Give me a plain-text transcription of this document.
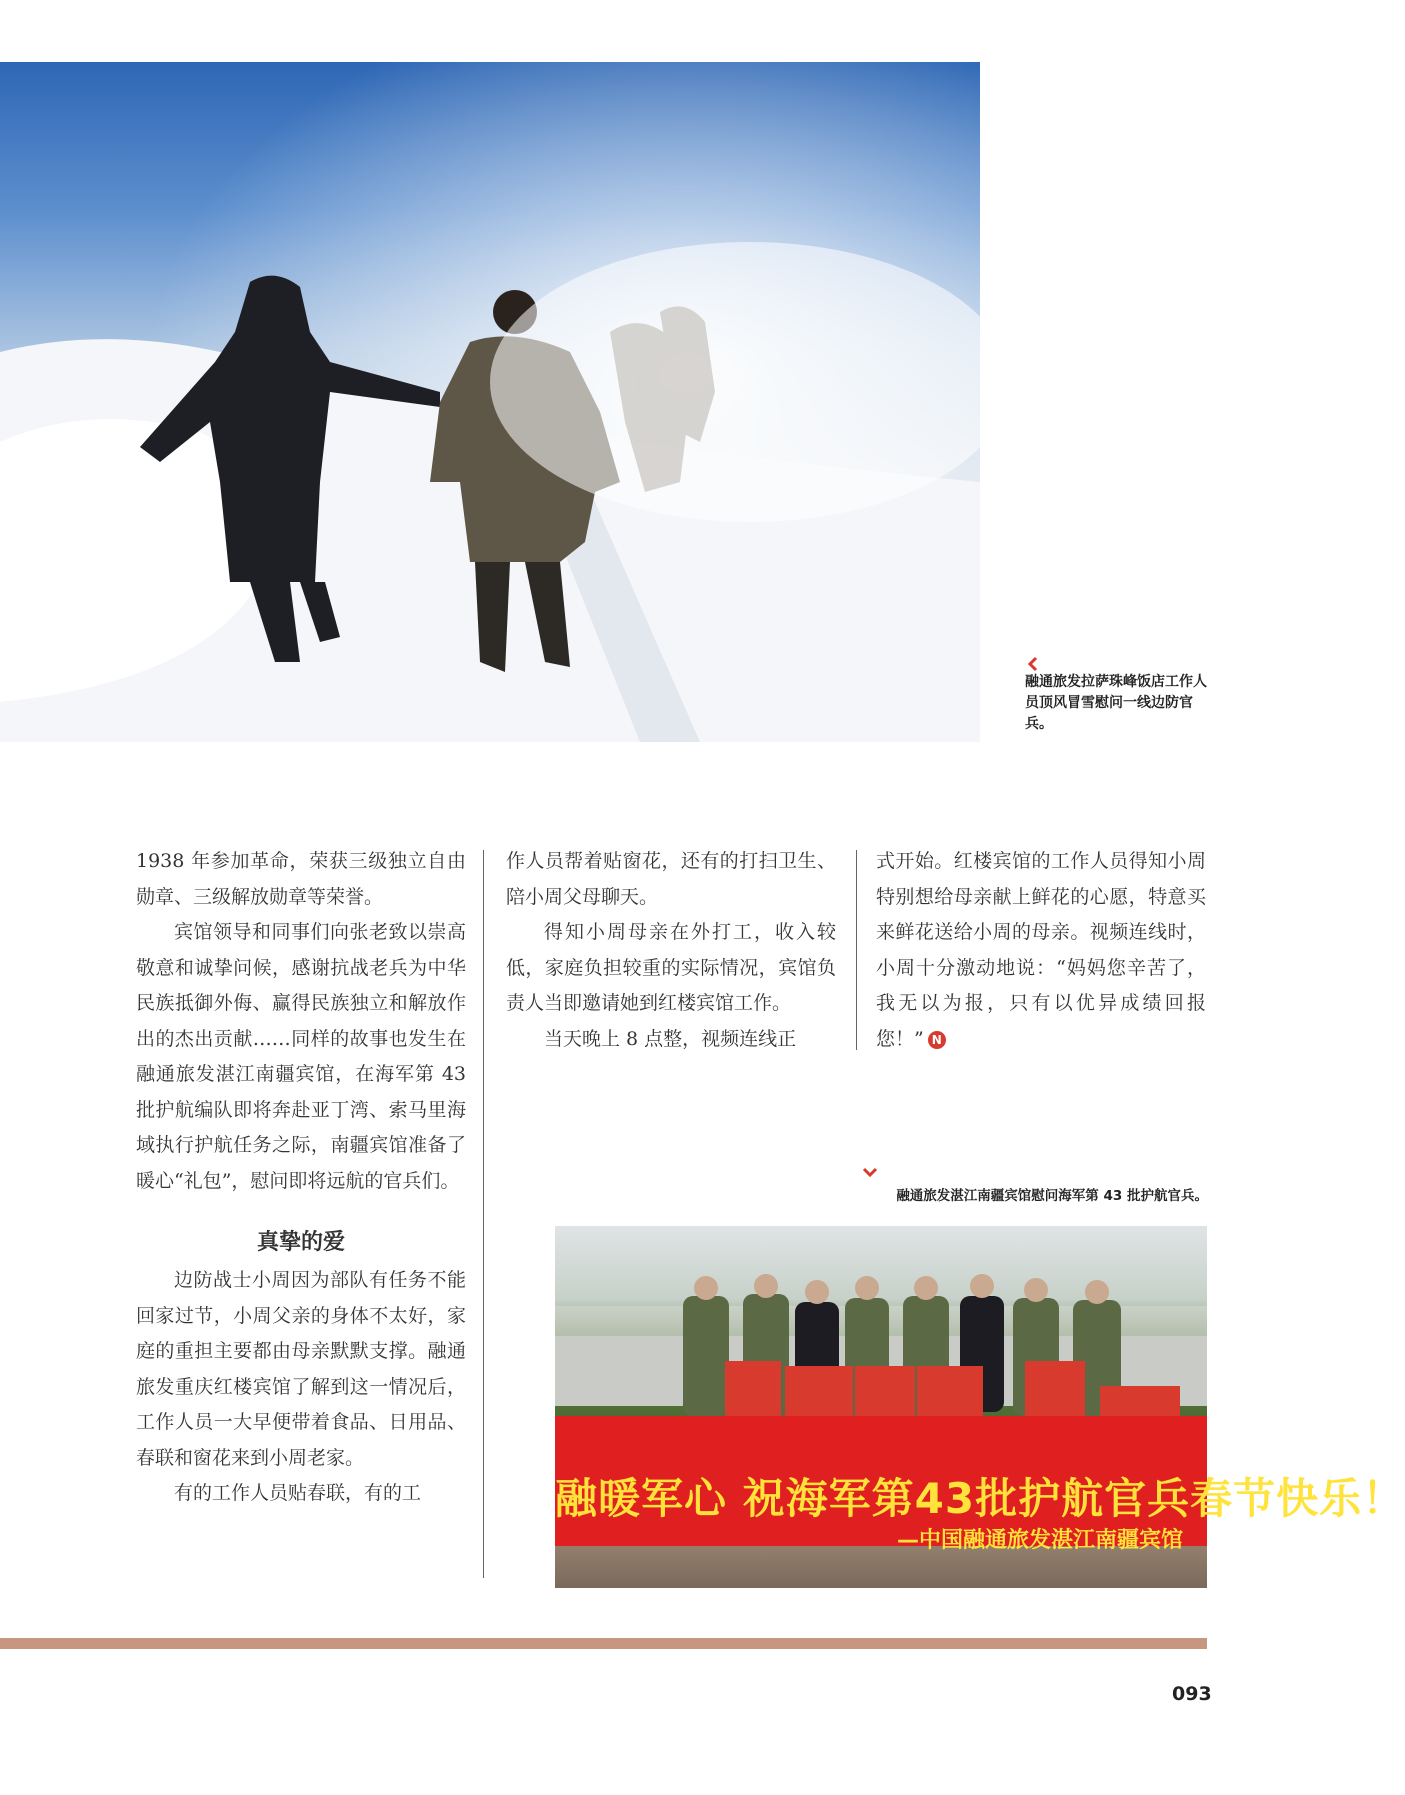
融通旅发拉萨珠峰饭店工作人员顶风冒雪慰问一线边防官兵。

1938 年参加革命，荣获三级独立自由勋章、三级解放勋章等荣誉。

宾馆领导和同事们向张老致以崇高敬意和诚挚问候，感谢抗战老兵为中华民族抵御外侮、赢得民族独立和解放作出的杰出贡献……同样的故事也发生在融通旅发湛江南疆宾馆，在海军第 43 批护航编队即将奔赴亚丁湾、索马里海域执行护航任务之际，南疆宾馆准备了暖心“礼包”，慰问即将远航的官兵们。

真挚的爱

边防战士小周因为部队有任务不能回家过节，小周父亲的身体不太好，家庭的重担主要都由母亲默默支撑。融通旅发重庆红楼宾馆了解到这一情况后，工作人员一大早便带着食品、日用品、春联和窗花来到小周老家。

有的工作人员贴春联，有的工

作人员帮着贴窗花，还有的打扫卫生、陪小周父母聊天。

得知小周母亲在外打工，收入较低，家庭负担较重的实际情况，宾馆负责人当即邀请她到红楼宾馆工作。

当天晚上 8 点整，视频连线正

式开始。红楼宾馆的工作人员得知小周特别想给母亲献上鲜花的心愿，特意买来鲜花送给小周的母亲。视频连线时，小周十分激动地说：“妈妈您辛苦了，我无以为报，只有以优异成绩回报您！” N

融通旅发湛江南疆宾馆慰问海军第 43 批护航官兵。
融暖军心 祝海军第43批护航官兵春节快乐！
—中国融通旅发湛江南疆宾馆
093
